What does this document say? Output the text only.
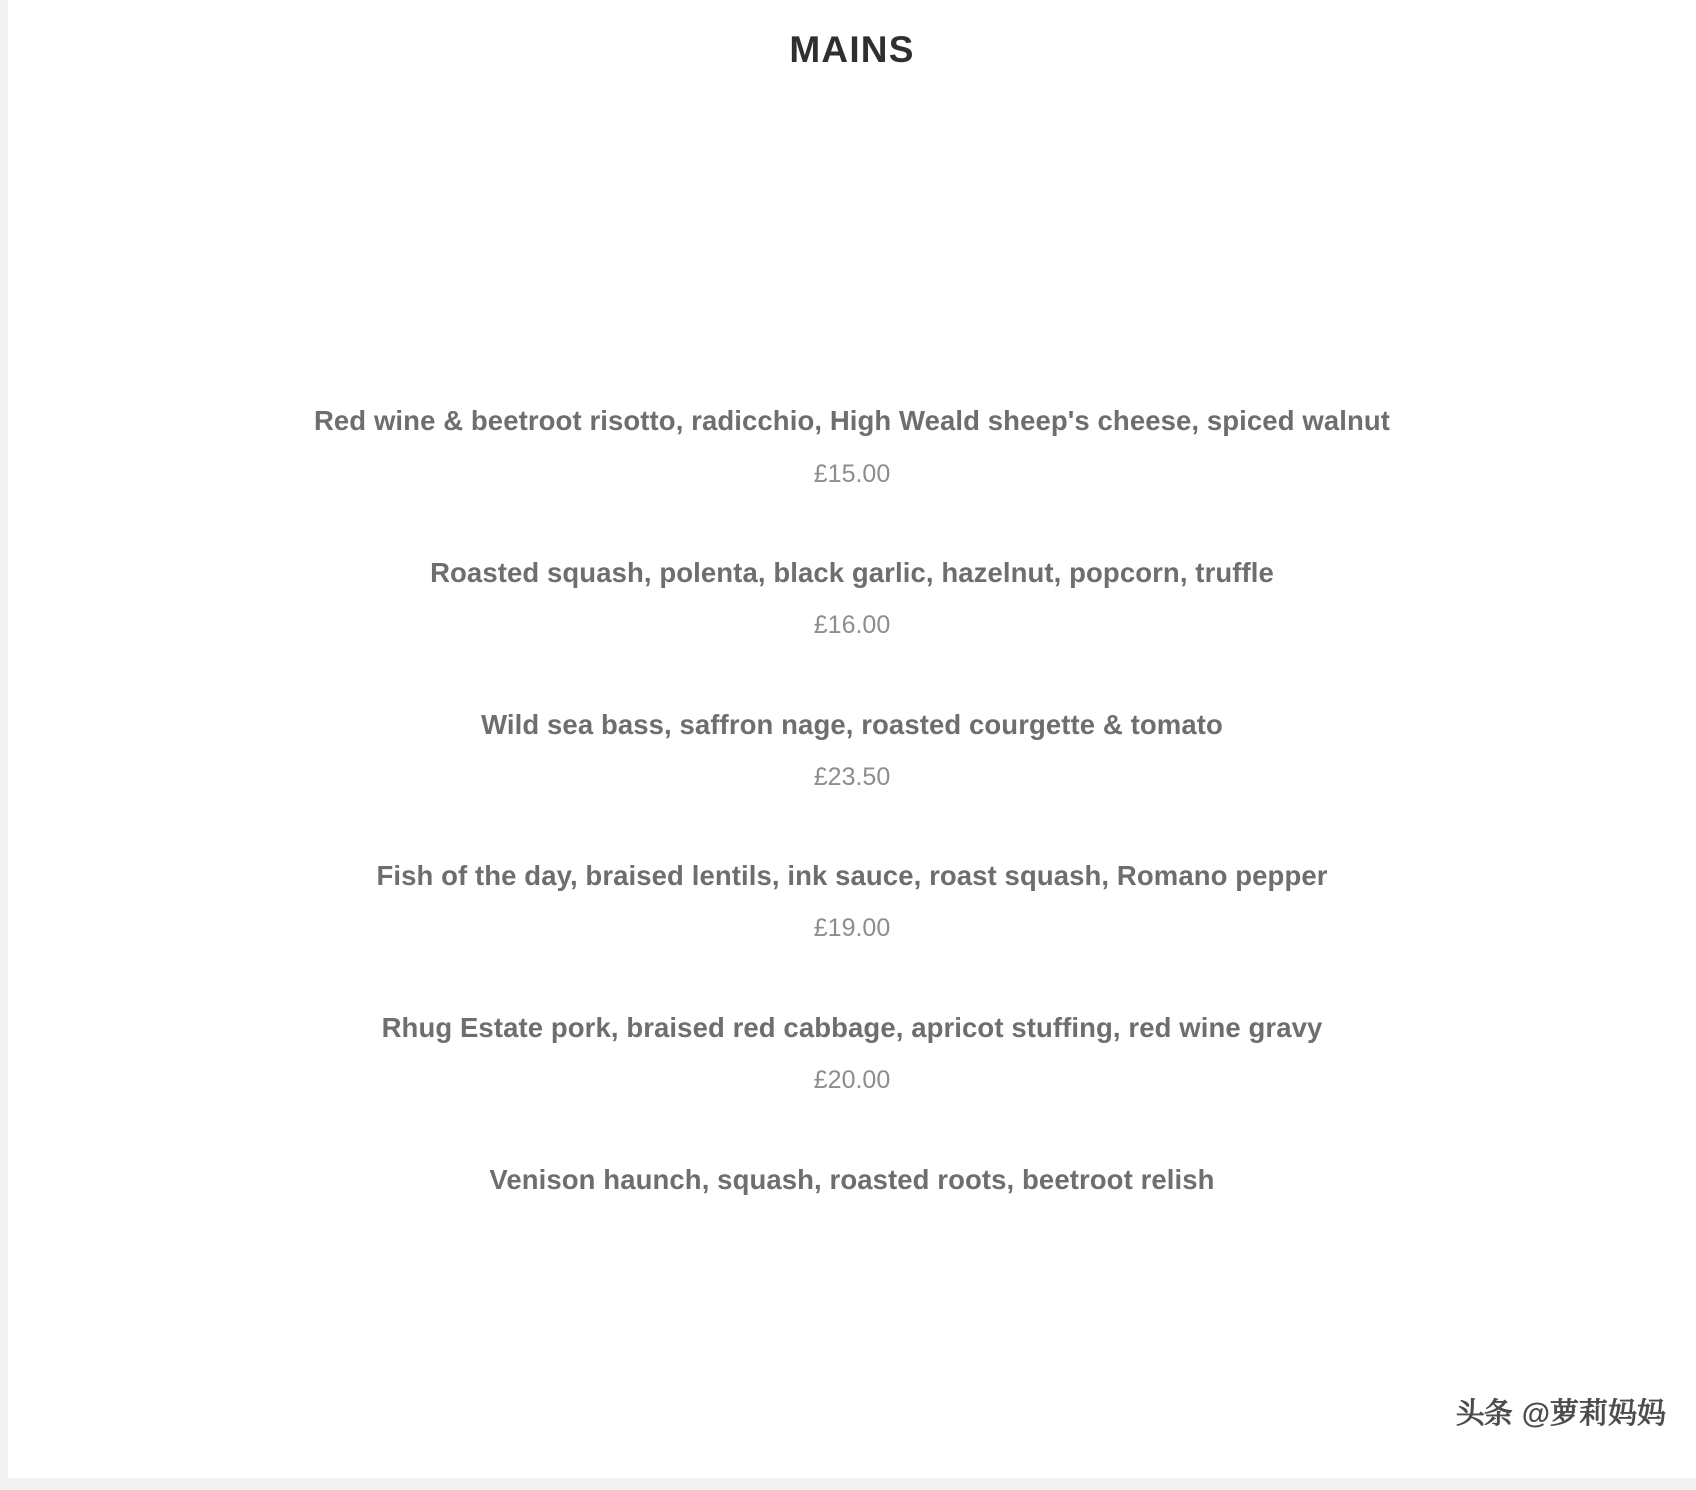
MAINS
Red wine & beetroot risotto, radicchio, High Weald sheep's cheese, spiced walnut
£15.00
Roasted squash, polenta, black garlic, hazelnut, popcorn, truffle
£16.00
Wild sea bass, saffron nage, roasted courgette & tomato
£23.50
Fish of the day, braised lentils, ink sauce, roast squash, Romano pepper
£19.00
Rhug Estate pork, braised red cabbage, apricot stuffing, red wine gravy
£20.00
Venison haunch, squash, roasted roots, beetroot relish
头条 @萝莉妈妈
